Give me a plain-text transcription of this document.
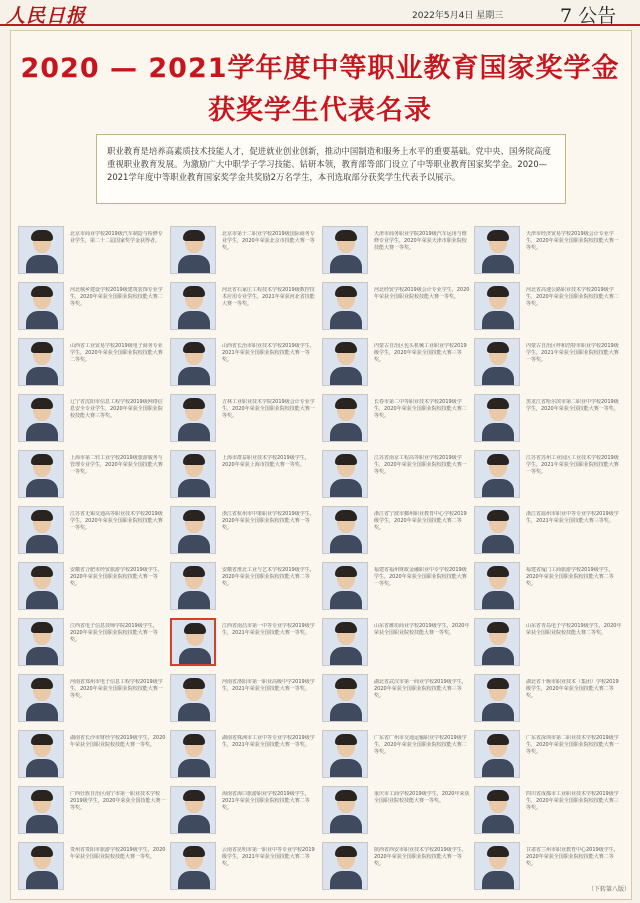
人民日报	2022年5月4日 星期三	7 公告
2020 — 2021学年度中等职业教育国家奖学金
获奖学生代表名录

职业教育是培养高素质技术技能人才，促进就业创业创新，推动中国制造和服务上水平的重要基础。党中央、国务院高度重视职业教育发展。为激励广大中职学子学习技能、钻研本领，教育部等部门设立了中等职业教育国家奖学金。2020—2021学年度中等职业教育国家奖学金共奖励2万名学生，本刊选取部分获奖学生代表予以展示。

北京市商业学校2019级汽车制造与检修专业学生，第二十二届国家奖学金获得者。
北京市第十二职业学校2019级国际商务专业学生，2020年荣获北京市技能大赛一等奖。
天津市商务职业学院2019级汽车运用与维修专业学生，2020年荣获天津市职业院校技能大赛一等奖。
天津市经济贸易学校2019级会计专业学生，2020年荣获全国职业院校技能大赛一等奖。
河北城乡建设学校2019级建筑装饰专业学生，2020年荣获全国职业院校技能大赛二等奖。
河北省石家庄工程技术学校2019级数控技术应用专业学生，2021年荣获河北省技能大赛一等奖。
河北经贸学校2019级会计专业学生，2020年荣获全国职业院校技能大赛一等奖。
河北省高速公路职业技术学校2019级学生，2020年荣获全国职业院校技能大赛二等奖。
山西省工业贸易学校2019级电子商务专业学生，2020年荣获全国职业院校技能大赛二等奖。
山西省长治市职业技术学校2019级学生，2021年荣获全国职业院校技能大赛一等奖。
内蒙古自治区包头机械工业职业学校2019级学生，2020年荣获全国技能大赛三等奖。
内蒙古自治区呼和浩特市职业学校2019级学生，2021年荣获全国职业院校技能大赛一等奖。
辽宁省沈阳市信息工程学校2019级网络信息安全专业学生，2020年荣获全国职业院校技能大赛三等奖。
吉林工业职业技术学院2019级会计专业学生，2020年荣获全国职业院校技能大赛一等奖。
长春市第二中等职业技术学校2019级学生，2020年荣获全国职业院校技能大赛二等奖。
黑龙江省哈尔滨市第二职业中学校2019级学生，2020年荣获全国技能大赛一等奖。
上海市第二轻工业学校2019级旅游服务与管理专业学生，2020年荣获全国技能大赛一等奖。
上海市群益职业技术学校2019级学生，2020年荣获上海市技能大赛一等奖。
江苏省南京工程高等职业学校2019级学生，2020年荣获全国职业院校技能大赛一等奖。
江苏省苏州工业园区工业技术学校2019级学生，2021年荣获全国职业院校技能大赛一等奖。
江苏省无锡交通高等职业技术学校2019级学生，2020年荣获全国职业院校技能大赛一等奖。
浙江省杭州市中策职业学校2019级学生，2020年荣获全国职业院校技能大赛一等奖。
浙江省宁波市鄞州职业教育中心学校2019级学生，2020年荣获全国技能大赛二等奖。
浙江省温州市职业中等专业学校2019级学生，2021年荣获全国技能大赛三等奖。
安徽省合肥市经贸旅游学校2019级学生，2020年荣获全国职业院校技能大赛一等奖。
安徽省淮北工业与艺术学校2019级学生，2020年荣获全国职业院校技能大赛二等奖。
福建省福州财政金融职业中专学校2019级学生，2020年荣获全国职业院校技能大赛一等奖。
福建省厦门工商旅游学校2019级学生，2020年荣获全国职业院校技能大赛二等奖。
江西省电子信息技师学院2019级学生，2020年荣获全国职业院校技能大赛一等奖。
江西省南昌市第一中等专业学校2019级学生，2021年荣获全国技能大赛一等奖。
山东省潍坊商业学校2019级学生，2020年荣获全国职业院校技能大赛一等奖。
山东省青岛电子学校2019级学生，2020年荣获全国职业院校技能大赛二等奖。
河南省郑州市电子信息工程学校2019级学生，2020年荣获全国职业院校技能大赛一等奖。
河南省洛阳市第一职业高级中学2019级学生，2021年荣获全国技能大赛一等奖。
湖北省武汉市第一商业学校2019级学生，2020年荣获全国职业院校技能大赛三等奖。
湖北省十堰市职业技术（集团）学校2019级学生，2020年荣获全国技能大赛二等奖。
湖南省长沙市财经学校2019级学生，2020年荣获全国职业院校技能大赛一等奖。
湖南省株洲市工业中等专业学校2019级学生，2021年荣获全国技能大赛一等奖。
广东省广州市交通运输职业学校2019级学生，2020年荣获全国职业院校技能大赛二等奖。
广东省深圳市第二职业技术学校2019级学生，2020年荣获全国职业院校技能大赛一等奖。
广西壮族自治区南宁市第一职业技术学校2019级学生，2020年荣获全国技能大赛一等奖。
海南省海口旅游职业学校2019级学生，2021年荣获全国职业院校技能大赛二等奖。
重庆市工商学校2019级学生，2020年荣获全国职业院校技能大赛一等奖。
四川省成都市工业职业技术学校2019级学生，2020年荣获全国职业院校技能大赛三等奖。
贵州省贵阳市旅游学校2019级学生，2020年荣获全国职业院校技能大赛一等奖。
云南省昆明市第一职业中等专业学校2019级学生，2021年荣获全国技能大赛二等奖。
陕西省西安市职业技术学校2019级学生，2020年荣获全国职业院校技能大赛一等奖。
甘肃省兰州市职业教育中心2019级学生，2020年荣获全国职业院校技能大赛二等奖。
（下转第八版）
